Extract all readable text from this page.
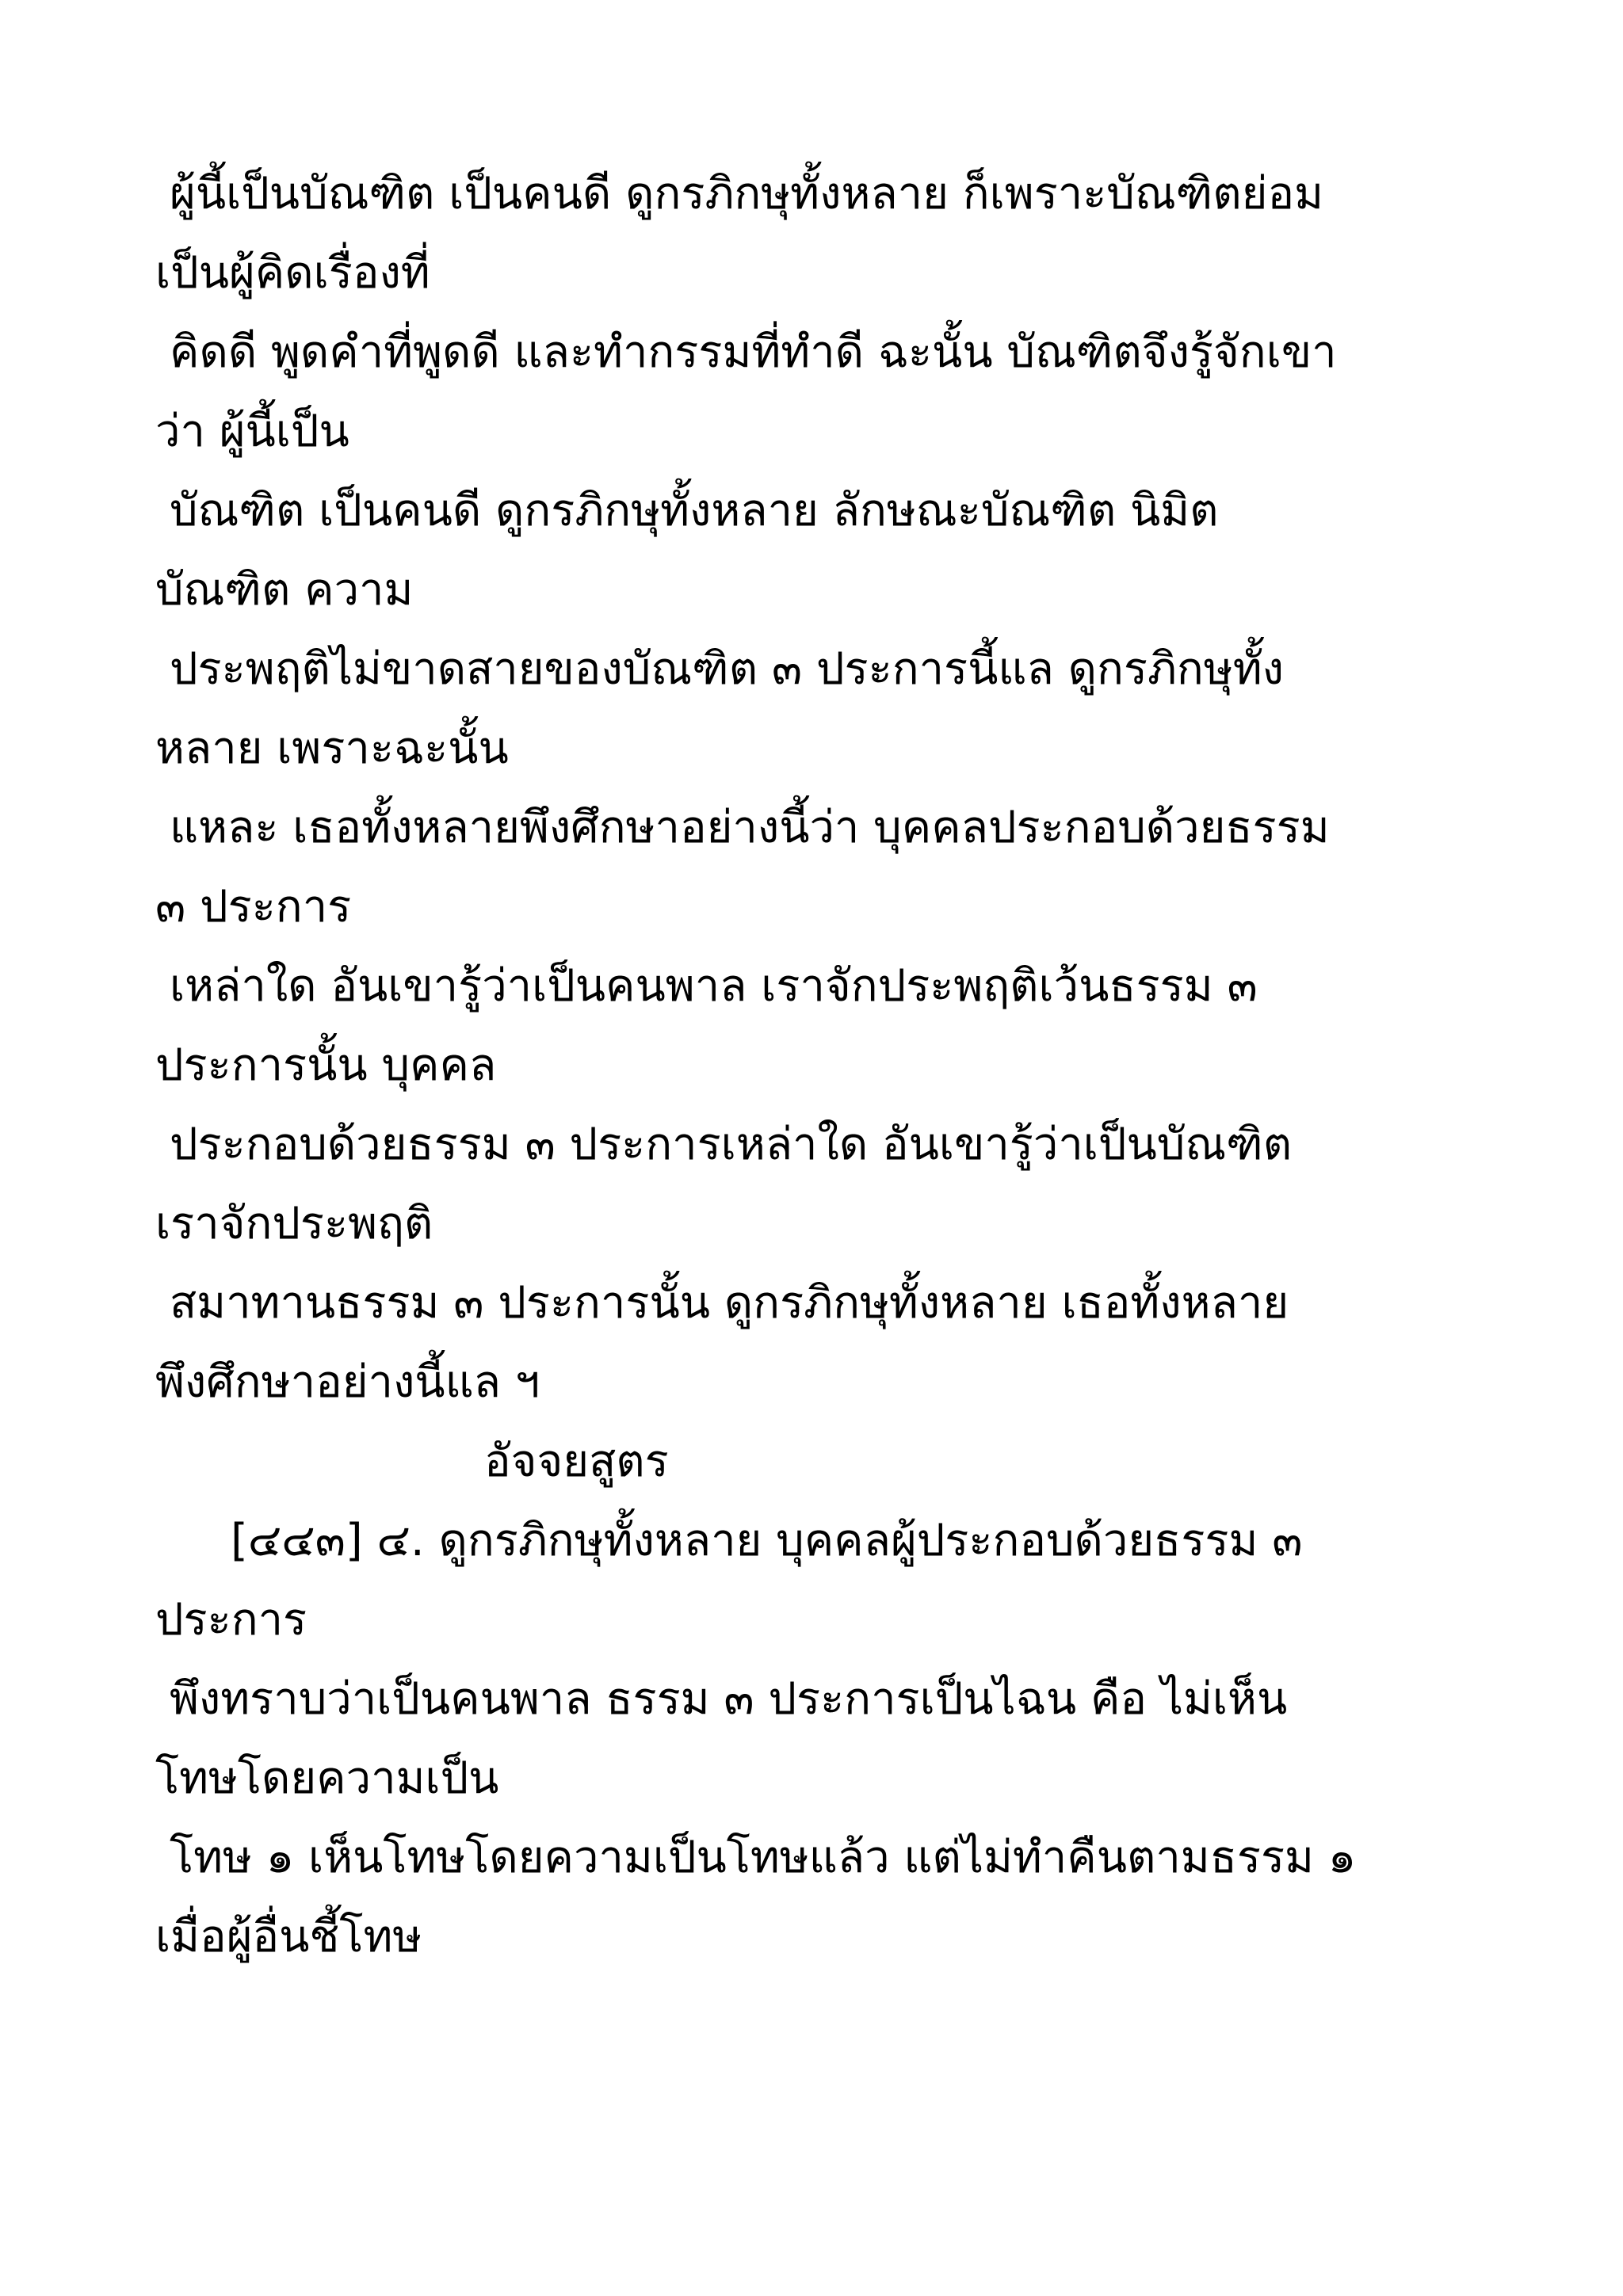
ผู้นี้เป็นบัณฑิต เป็นคนดี ดูกรภิกษุทั้งหลาย ก็เพราะบัณฑิตย่อม
เป็นผู้คิดเรื่องที่
คิดดี พูดคำที่พูดดี และทำกรรมที่ทำดี ฉะนั้น บัณฑิตจึงรู้จักเขา
ว่า ผู้นี้เป็น
บัณฑิต เป็นคนดี ดูกรภิกษุทั้งหลาย ลักษณะบัณฑิต นิมิต
บัณฑิต ความ
ประพฤติไม่ขาดสายของบัณฑิต ๓ ประการนี้แล ดูกรภิกษุทั้ง
หลาย เพราะฉะนั้น
แหละ เธอทั้งหลายพึงศึกษาอย่างนี้ว่า บุคคลประกอบด้วยธรรม
๓ ประการ
เหล่าใด อันเขารู้ว่าเป็นคนพาล เราจักประพฤติเว้นธรรม ๓
ประการนั้น บุคคล
ประกอบด้วยธรรม ๓ ประการเหล่าใด อันเขารู้ว่าเป็นบัณฑิต
เราจักประพฤติ
สมาทานธรรม ๓ ประการนั้น ดูกรภิกษุทั้งหลาย เธอทั้งหลาย
พึงศึกษาอย่างนี้แล ฯ
อัจจยสูตร
[๔๔๓] ๔. ดูกรภิกษุทั้งหลาย บุคคลผู้ประกอบด้วยธรรม ๓
ประการ
พึงทราบว่าเป็นคนพาล ธรรม ๓ ประการเป็นไฉน คือ ไม่เห็น
โทษโดยความเป็น
โทษ ๑ เห็นโทษโดยความเป็นโทษแล้ว แต่ไม่ทำคืนตามธรรม ๑
เมื่อผู้อื่นชี้โทษ
